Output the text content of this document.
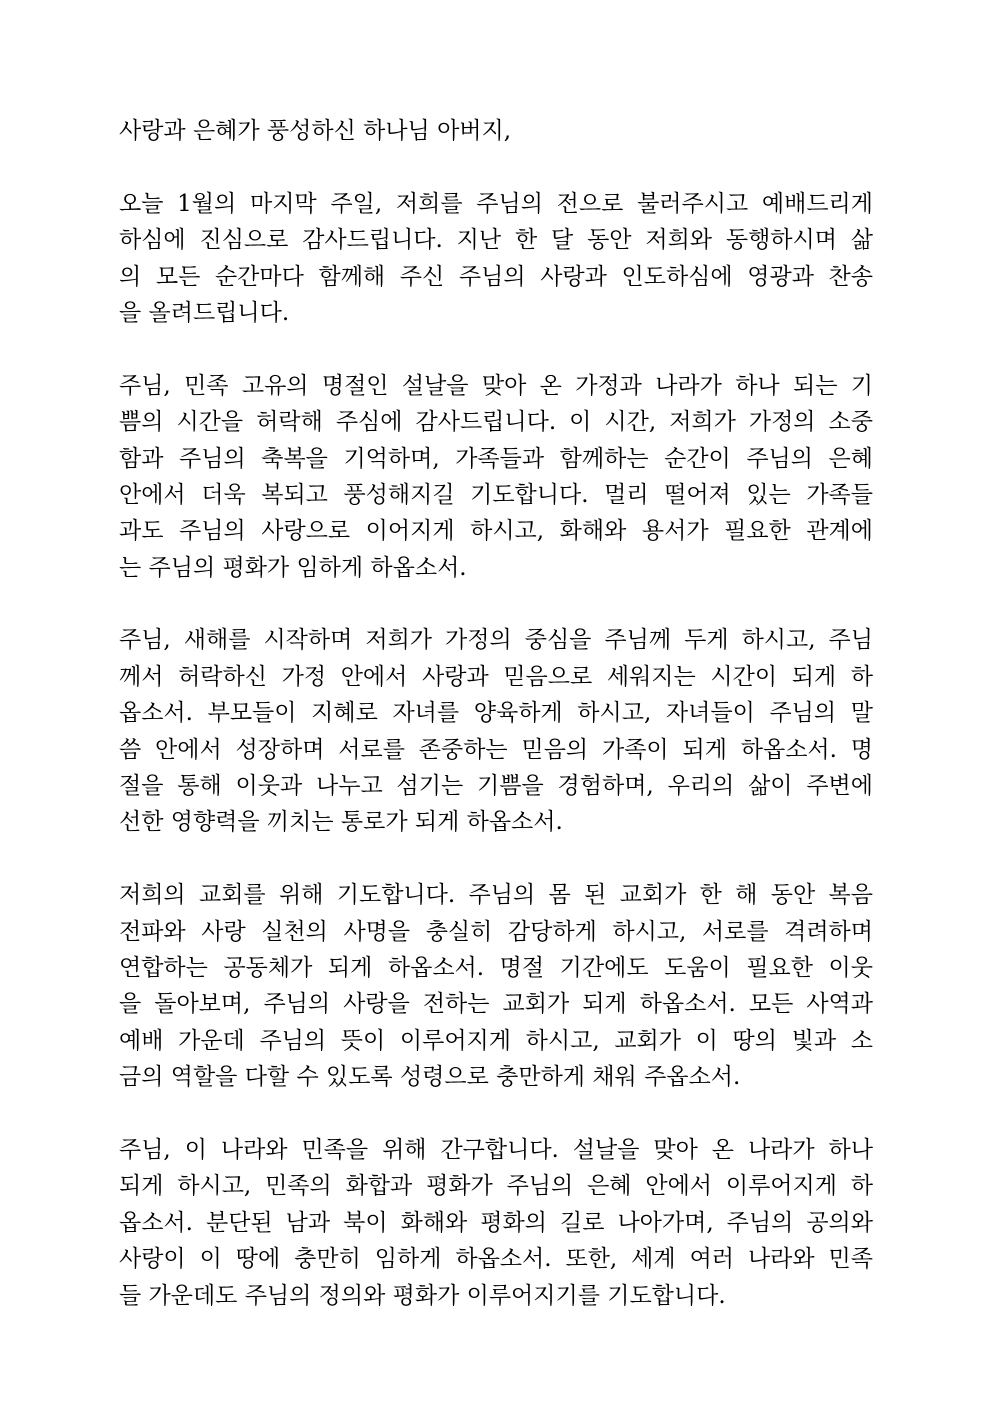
사랑과 은혜가 풍성하신 하나님 아버지,
오늘 1월의 마지막 주일, 저희를 주님의 전으로 불러주시고 예배드리게
하심에 진심으로 감사드립니다. 지난 한 달 동안 저희와 동행하시며 삶
의 모든 순간마다 함께해 주신 주님의 사랑과 인도하심에 영광과 찬송
을 올려드립니다.
주님, 민족 고유의 명절인 설날을 맞아 온 가정과 나라가 하나 되는 기
쁨의 시간을 허락해 주심에 감사드립니다. 이 시간, 저희가 가정의 소중
함과 주님의 축복을 기억하며, 가족들과 함께하는 순간이 주님의 은혜
안에서 더욱 복되고 풍성해지길 기도합니다. 멀리 떨어져 있는 가족들
과도 주님의 사랑으로 이어지게 하시고, 화해와 용서가 필요한 관계에
는 주님의 평화가 임하게 하옵소서.
주님, 새해를 시작하며 저희가 가정의 중심을 주님께 두게 하시고, 주님
께서 허락하신 가정 안에서 사랑과 믿음으로 세워지는 시간이 되게 하
옵소서. 부모들이 지혜로 자녀를 양육하게 하시고, 자녀들이 주님의 말
씀 안에서 성장하며 서로를 존중하는 믿음의 가족이 되게 하옵소서. 명
절을 통해 이웃과 나누고 섬기는 기쁨을 경험하며, 우리의 삶이 주변에
선한 영향력을 끼치는 통로가 되게 하옵소서.
저희의 교회를 위해 기도합니다. 주님의 몸 된 교회가 한 해 동안 복음
전파와 사랑 실천의 사명을 충실히 감당하게 하시고, 서로를 격려하며
연합하는 공동체가 되게 하옵소서. 명절 기간에도 도움이 필요한 이웃
을 돌아보며, 주님의 사랑을 전하는 교회가 되게 하옵소서. 모든 사역과
예배 가운데 주님의 뜻이 이루어지게 하시고, 교회가 이 땅의 빛과 소
금의 역할을 다할 수 있도록 성령으로 충만하게 채워 주옵소서.
주님, 이 나라와 민족을 위해 간구합니다. 설날을 맞아 온 나라가 하나
되게 하시고, 민족의 화합과 평화가 주님의 은혜 안에서 이루어지게 하
옵소서. 분단된 남과 북이 화해와 평화의 길로 나아가며, 주님의 공의와
사랑이 이 땅에 충만히 임하게 하옵소서. 또한, 세계 여러 나라와 민족
들 가운데도 주님의 정의와 평화가 이루어지기를 기도합니다.
